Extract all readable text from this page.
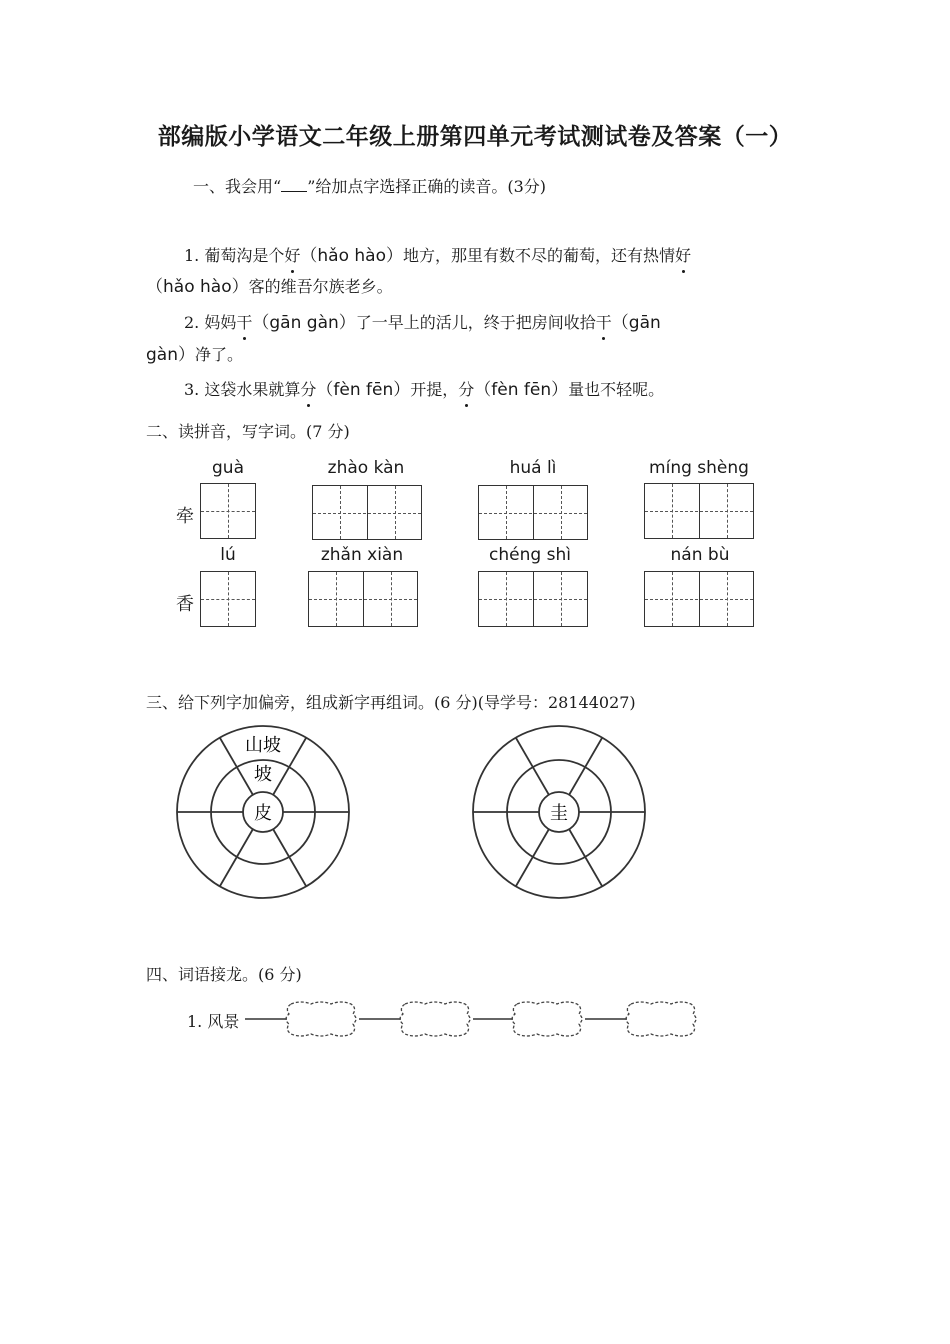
部编版小学语文二年级上册第四单元考试测试卷及答案（一）
一、我会用“ ”给加点字选择正确的读音。(3分)
1. 葡萄沟是个好（hǎo hào）地方，那里有数不尽的葡萄，还有热情好
（hǎo hào）客的维吾尔族老乡。
2. 妈妈干（gān gàn）了一早上的活儿，终于把房间收拾干（gān
gàn）净了。
3. 这袋水果就算分（fèn fēn）开提，分（fèn fēn）量也不轻呢。
二、读拼音，写字词。(7 分)
guà	zhào kàn	huá lì	míng shèng
牵
lú	zhǎn xiàn	chéng shì	nán bù
香
三、给下列字加偏旁，组成新字再组词。(6 分)(导学号：28144027)
皮
坡
山坡
圭
四、词语接龙。(6 分)
1. 风景
